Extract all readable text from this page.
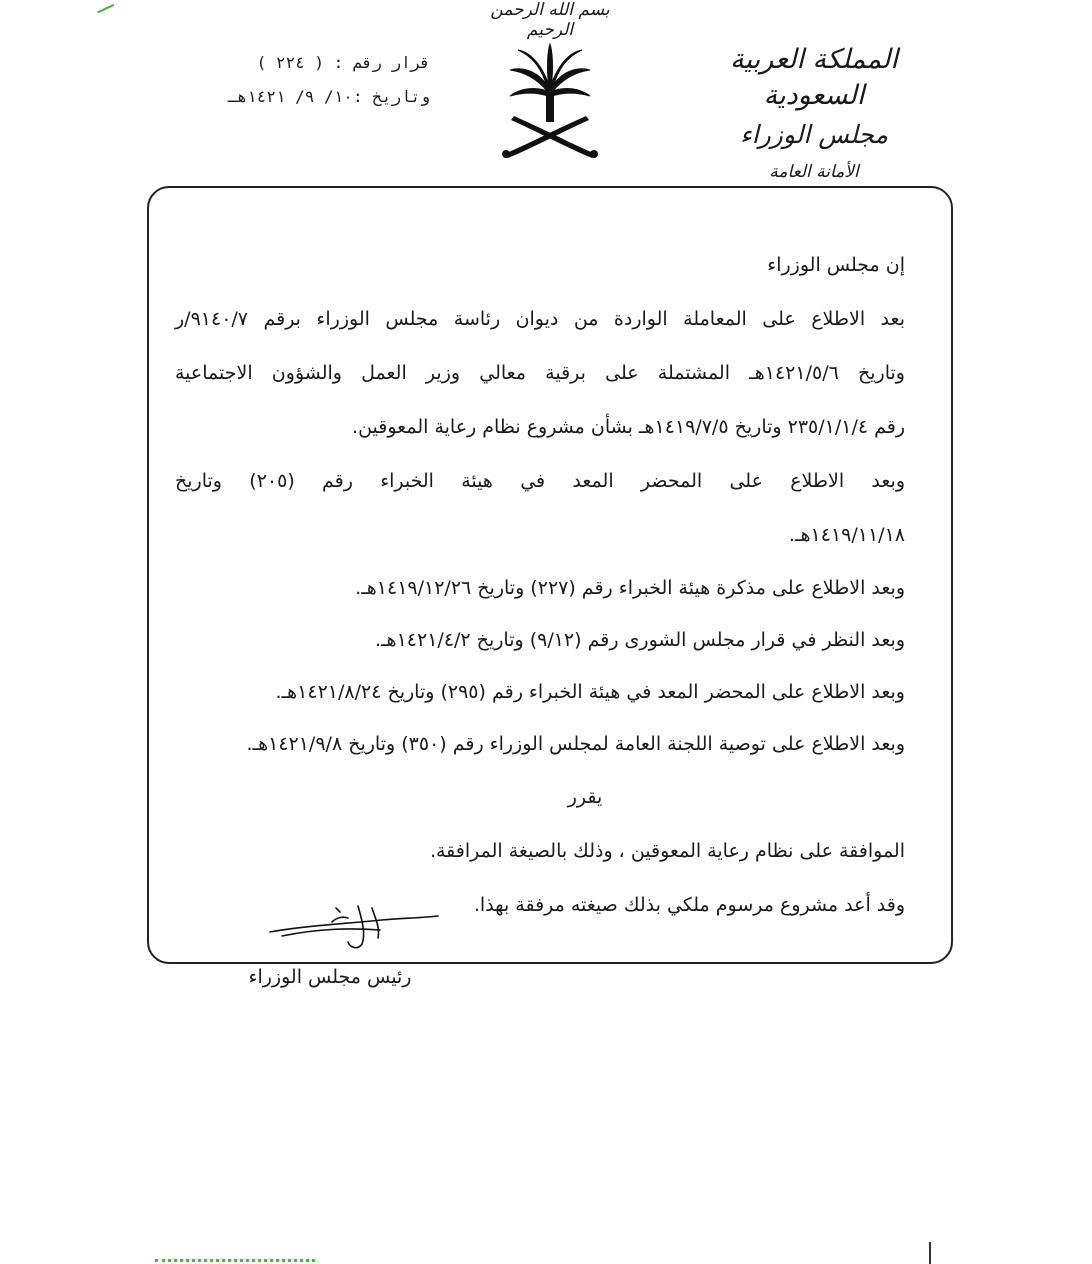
بسم الله الرحمن الرحيم
المملكة العربية السعودية
مجلس الوزراء
الأمانة العامة
قرار رقم : ( ٢٢٤ )
وتاريخ :١٠/ ٩/ ١٤٢١هـ
إن مجلس الوزراء
بعد الاطلاع على المعاملة الواردة من ديوان رئاسة مجلس الوزراء برقم ٩١٤٠/٧/ر
وتاريخ ١٤٢١/٥/٦هـ المشتملة على برقية معالي وزير العمل والشؤون الاجتماعية
رقم ٢٣٥/١/١/٤ وتاريخ ١٤١٩/٧/٥هـ بشأن مشروع نظام رعاية المعوقين.
وبعد الاطلاع على المحضر المعد في هيئة الخبراء رقم (٢٠٥) وتاريخ
١٤١٩/١١/١٨هـ.
وبعد الاطلاع على مذكرة هيئة الخبراء رقم (٢٢٧) وتاريخ ١٤١٩/١٢/٢٦هـ.
وبعد النظر في قرار مجلس الشورى رقم (٩/١٢) وتاريخ ١٤٢١/٤/٢هـ.
وبعد الاطلاع على المحضر المعد في هيئة الخبراء رقم (٢٩٥) وتاريخ ١٤٢١/٨/٢٤هـ.
وبعد الاطلاع على توصية اللجنة العامة لمجلس الوزراء رقم (٣٥٠) وتاريخ ١٤٢١/٩/٨هـ.
يقرر
الموافقة على نظام رعاية المعوقين ، وذلك بالصيغة المرافقة.
وقد أعد مشروع مرسوم ملكي بذلك صيغته مرفقة بهذا.
رئيس مجلس الوزراء
